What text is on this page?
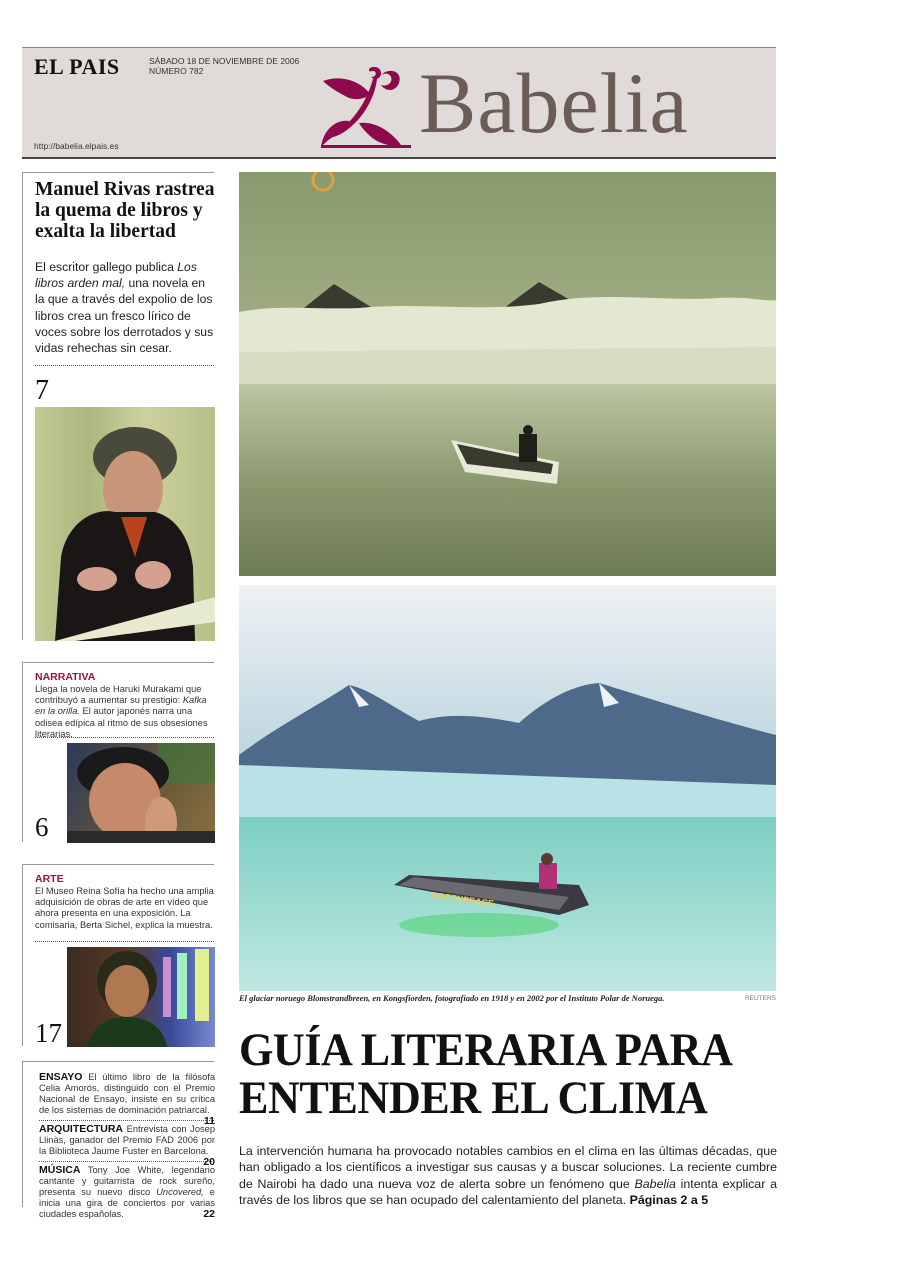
EL PAIS	SÁBADO 18 DE NOVIEMBRE DE 2006
NÚMERO 782
http://babelia.elpais.es	Babelia
Manuel Rivas rastrea la quema de libros y exalta la libertad

El escritor gallego publica Los libros arden mal, una novela en la que a través del expolio de los libros crea un fresco lírico de voces sobre los derrotados y sus vidas rehechas sin cesar.

7
NARRATIVA

Llega la novela de Haruki Murakami que contribuyó a aumentar su prestigio: Kafka en la orilla. El autor japonés narra una odisea edípica al ritmo de sus obsesiones literarias.

6
ARTE

El Museo Reina Sofía ha hecho una amplia adquisición de obras de arte en vídeo que ahora presenta en una exposición. La comisaria, Berta Sichel, explica la muestra.

17
ENSAYO El último libro de la filósofa Celia Amorós, distinguido con el Premio Nacional de Ensayo, insiste en su crítica de los sistemas de dominación patriarcal.
11
ARQUITECTURA Entrevista con Josep Llinàs, ganador del Premio FAD 2006 por la Biblioteca Jaume Fuster en Barcelona.
20
MÚSICA Tony Joe White, legendario cantante y guitarrista de rock sureño, presenta su nuevo disco Uncovered, e inicia una gira de conciertos por varias ciudades españolas.	22
GREENPEACE
El glaciar noruego Blomstrandbreen, en Kongsfiorden, fotografiado en 1918 y en 2002 por el Instituto Polar de Noruega.	REUTERS
GUÍA LITERARIA PARA
ENTENDER EL CLIMA

La intervención humana ha provocado notables cambios en el clima en las últimas décadas, que han obligado a los científicos a investigar sus causas y a buscar soluciones. La reciente cumbre de Nairobi ha dado una nueva voz de alerta sobre un fenómeno que Babelia intenta explicar a través de los libros que se han ocupado del calentamiento del planeta. Páginas 2 a 5
